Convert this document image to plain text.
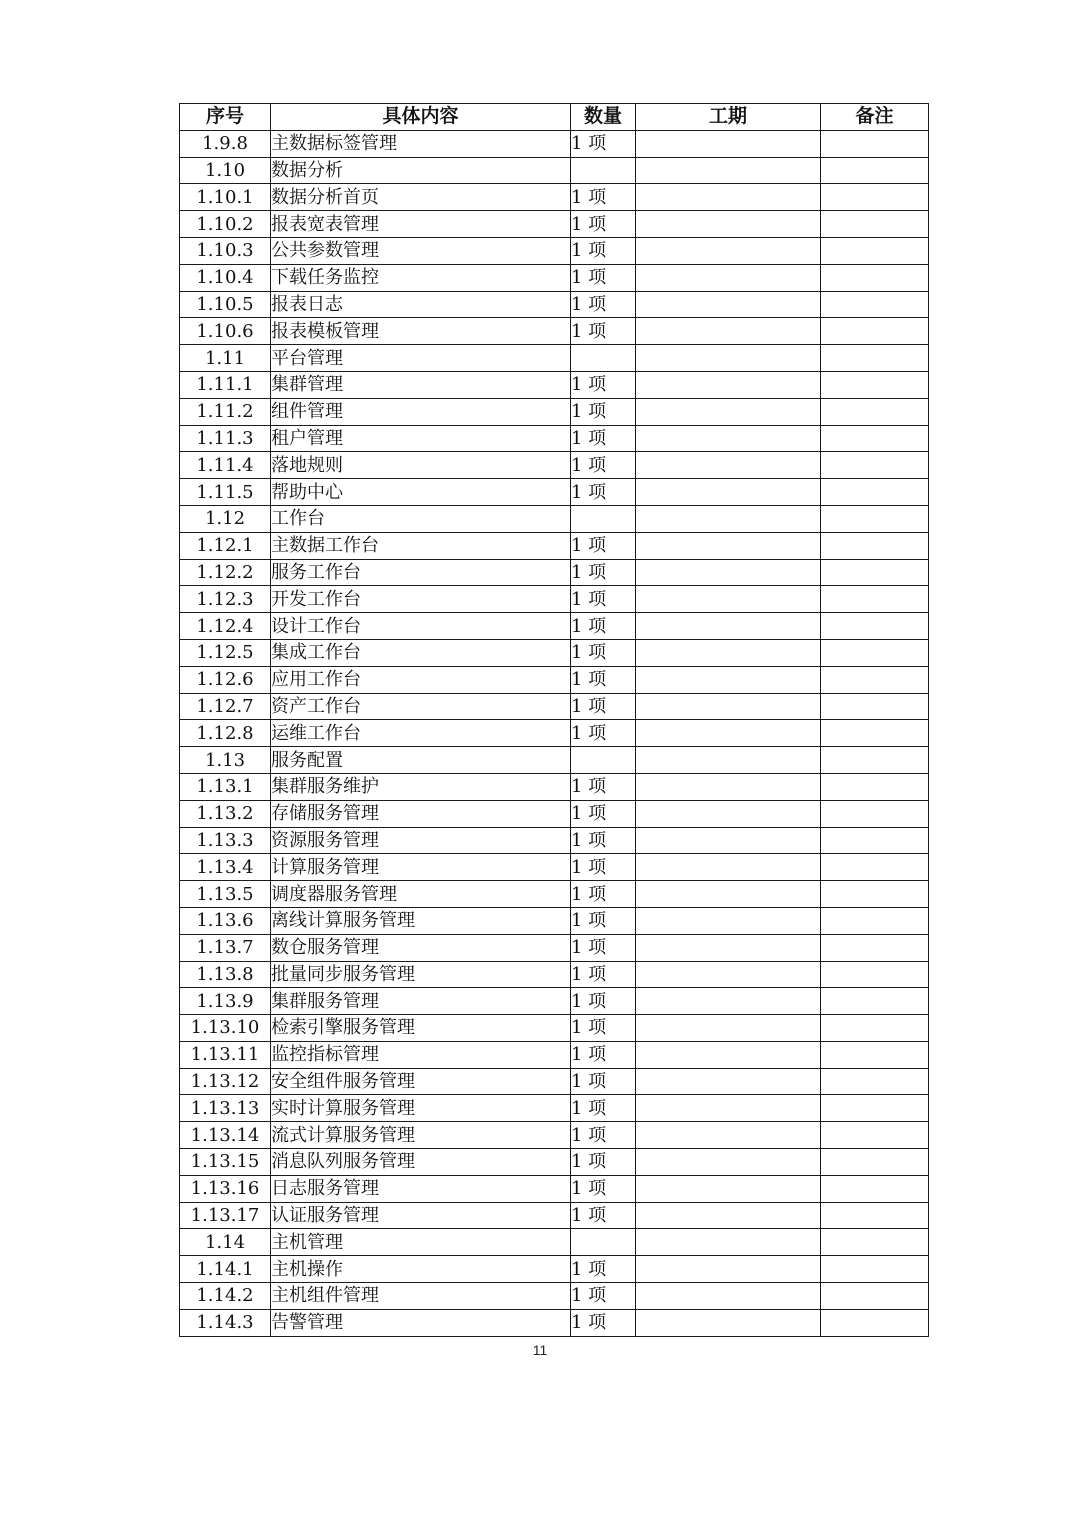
序号	具体内容	数量	工期	备注
1.9.8	主数据标签管理	1 项		
1.10	数据分析			
1.10.1	数据分析首页	1 项		
1.10.2	报表宽表管理	1 项		
1.10.3	公共参数管理	1 项		
1.10.4	下载任务监控	1 项		
1.10.5	报表日志	1 项		
1.10.6	报表模板管理	1 项		
1.11	平台管理			
1.11.1	集群管理	1 项		
1.11.2	组件管理	1 项		
1.11.3	租户管理	1 项		
1.11.4	落地规则	1 项		
1.11.5	帮助中心	1 项		
1.12	工作台			
1.12.1	主数据工作台	1 项		
1.12.2	服务工作台	1 项		
1.12.3	开发工作台	1 项		
1.12.4	设计工作台	1 项		
1.12.5	集成工作台	1 项		
1.12.6	应用工作台	1 项		
1.12.7	资产工作台	1 项		
1.12.8	运维工作台	1 项		
1.13	服务配置			
1.13.1	集群服务维护	1 项		
1.13.2	存储服务管理	1 项		
1.13.3	资源服务管理	1 项		
1.13.4	计算服务管理	1 项		
1.13.5	调度器服务管理	1 项		
1.13.6	离线计算服务管理	1 项		
1.13.7	数仓服务管理	1 项		
1.13.8	批量同步服务管理	1 项		
1.13.9	集群服务管理	1 项		
1.13.10	检索引擎服务管理	1 项		
1.13.11	监控指标管理	1 项		
1.13.12	安全组件服务管理	1 项		
1.13.13	实时计算服务管理	1 项		
1.13.14	流式计算服务管理	1 项		
1.13.15	消息队列服务管理	1 项		
1.13.16	日志服务管理	1 项		
1.13.17	认证服务管理	1 项		
1.14	主机管理			
1.14.1	主机操作	1 项		
1.14.2	主机组件管理	1 项		
1.14.3	告警管理	1 项		
11
